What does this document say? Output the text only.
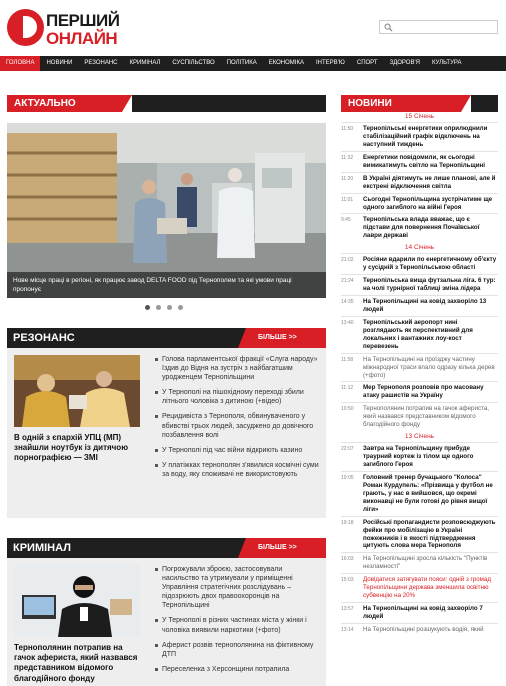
ПЕРШИЙ
ОНЛАЙН
ГОЛОВНА	НОВИНИ	РЕЗОНАНС	КРИМІНАЛ	СУСПІЛЬСТВО	ПОЛІТИКА	ЕКОНОМІКА	ІНТЕРВ'Ю	СПОРТ	ЗДОРОВ'Я	КУЛЬТУРА
АКТУАЛЬНО
Нове місце праці в регіоні, як працює завод DELTA FOOD під Тернополем та які умови праці пропонує
РЕЗОНАНС	БІЛЬШЕ >>
В одній з єпархій УПЦ (МП) знайшли ноутбук із дитячою порнографією — ЗМІ
Голова парламентської фракції «Слуга народу» їздив до Відня на зустріч з найбагатшим уродженцем Тернопільщини
У Тернополі на пішохідному переході збили літнього чоловіка з дитиною (+відео)
Рецидивіста з Тернополя, обвинуваченого у вбивстві трьох людей, засуджено до довічного позбавлення волі
У Тернополі під час війни відкриють казино
У платіжках тернополян з'явилися космічні суми за воду, яку споживачі не використовують
КРИМІНАЛ	БІЛЬШЕ >>
Тернополянин потрапив на гачок афериста, який назвався представником відомого благодійного фонду
Погрожували зброєю, застосовували насильство та утримували у приміщенні Управління стратегічних розслідувань – підозрюють двох правоохоронців на Тернопільщині
У Тернополі в різних частинах міста у жінки і чоловіка виявили наркотики (+фото)
Аферист розвів тернополянина на фіктивному ДТП
Переселенка з Херсонщини потрапила
НОВИНИ
15 Січень
11:50	Тернопільські енергетики оприлюднили стабілізаційний графік відключень на наступний тиждень
11:32	Енергетики повідомили, як сьогодні вимикатимуть світло на Тернопільщині
11:20	В Україні діятимуть не лише планові, але й екстрені відключення світла
11:01	Сьогодні Тернопільщина зустрічатиме ще одного загиблого на війні Героя
9:45	Тернопільська влада вважає, що є підстави для повернення Почаївської лаври державі
14 Січень
21:02	Росіяни вдарили по енергетичному об'єкту у сусідній з Тернопільською області
21:24	Тернопільська вища футзальна ліга. 6 тур: на чолі турнірної таблиці зміна лідера
14:35	На Тернопільщині на ковід захворіло 13 людей
13:40	Тернопільський аеропорт нині розглядають як перспективний для локальних і вантажних лоу-кост перевезень
11:58	На Тернопільщині на проїзджу частину міжнародної траси впало одразу кілька дерев (+фото)
11:12	Мер Тернополя розповів про масовану атаку рашистів на Україну
10:50	Тернополянин потрапив на гачок афериста, який назвався представником відомого благодійного фонду
13 Січень
22:07	Завтра на Тернопільщину прибуде траурний кортеж із тілом ще одного загиблого Героя
19:05	Головний тренер бучацького "Колоса" Роман Курдупель: «Прізвища у футбол не грають, у нас в вийшовся, що окремі виконавці не були готові до рівня вищої ліги»
19:18	Російські пропагандисти розповсюджують фейки про мобілізацію в Україні пожежників і в якості підтвердження цитують слова мера Тернополя
16:03	На Тернопільщині зросла кількість "Пунктів незламності"
15:03	Довідатися затягувати пояси: одній з громад Тернопільщини держава зменшила освітню субвенцію на 20%
13:57	На Тернопільщині на ковід захворіло 7 людей
13:14	На Тернопільщині розшукують водія, який
